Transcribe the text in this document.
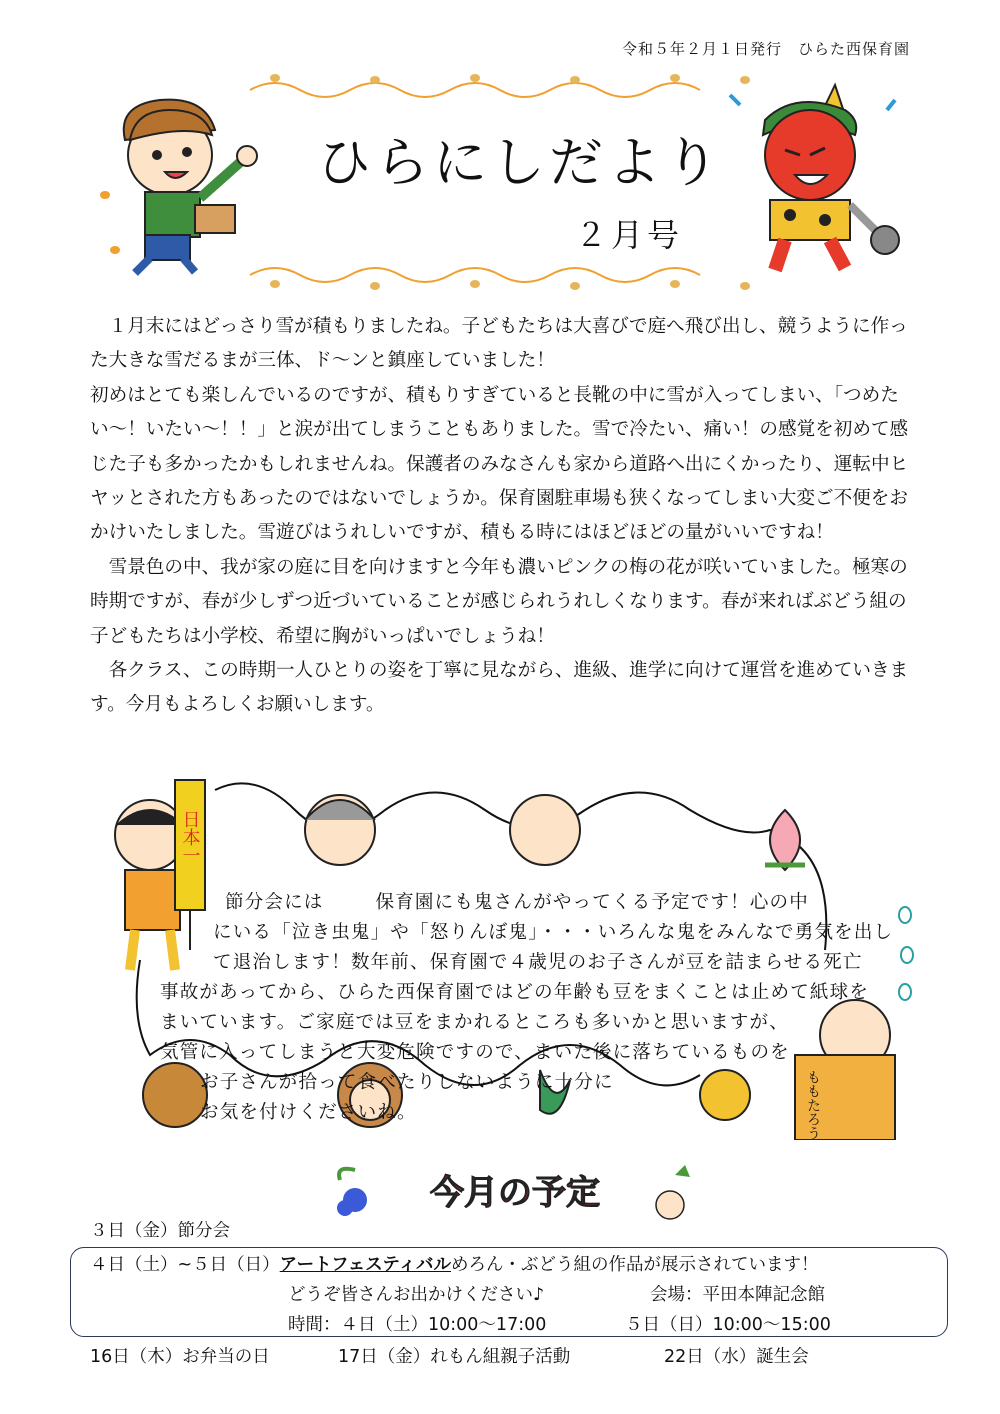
令和５年２月１日発行　ひらた西保育園
ひらにしだより
２月号

１月末にはどっさり雪が積もりましたね。子どもたちは大喜びで庭へ飛び出し、競うように作った大きな雪だるまが三体、ド～ンと鎮座していました！

初めはとても楽しんでいるのですが、積もりすぎていると長靴の中に雪が入ってしまい、「つめたい～！いたい～！！」と涙が出てしまうこともありました。雪で冷たい、痛い！の感覚を初めて感じた子も多かったかもしれませんね。保護者のみなさんも家から道路へ出にくかったり、運転中ヒヤッとされた方もあったのではないでしょうか。保育園駐車場も狭くなってしまい大変ご不便をおかけいたしました。雪遊びはうれしいですが、積もる時にはほどほどの量がいいですね！

雪景色の中、我が家の庭に目を向けますと今年も濃いピンクの梅の花が咲いていました。極寒の時期ですが、春が少しずつ近づいていることが感じられうれしくなります。春が来ればぶどう組の子どもたちは小学校、希望に胸がいっぱいでしょうね！

各クラス、この時期一人ひとりの姿を丁寧に見ながら、進級、進学に向けて運営を進めていきます。今月もよろしくお願いします。

日本一
ももたろう
節分会には	保育園にも鬼さんがやってくる予定です！心の中
にいる「泣き虫鬼」や「怒りんぼ鬼」・・・いろんな鬼をみんなで勇気を出し
て退治します！数年前、保育園で４歳児のお子さんが豆を詰まらせる死亡
事故があってから、ひらた西保育園ではどの年齢も豆をまくことは止めて紙球を
まいています。ご家庭では豆をまかれるところも多いかと思いますが、
気管に入ってしまうと大変危険ですので、まいた後に落ちているものを
お子さんが拾って食べたりしないように十分に
お気を付けくださいね。
今月の予定
３日（金）節分会
４日（土）~５日（日）アートフェスティバルめろん・ぶどう組の作品が展示されています！
どうぞ皆さんお出かけください♪	会場：平田本陣記念館
時間：４日（土）10:00～17:00	５日（日）10:00～15:00
16日（木）お弁当の日	17日（金）れもん組親子活動	22日（水）誕生会
